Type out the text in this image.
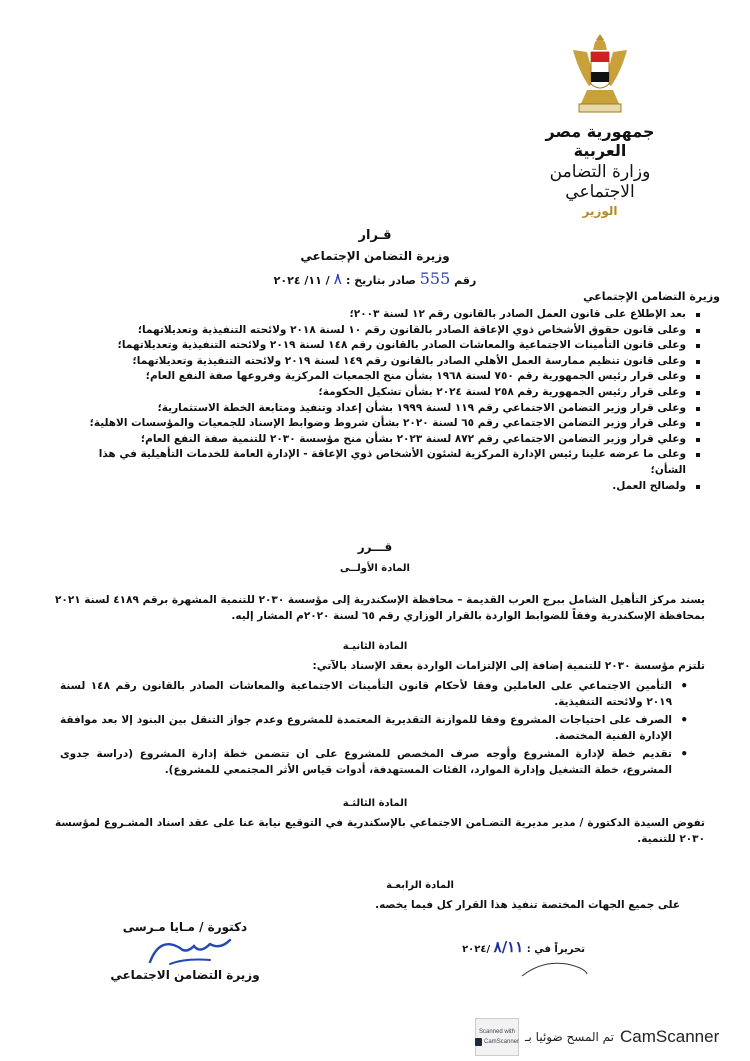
جمهورية مصر العربية
وزارة التضامن الاجتماعي
الوزير
قـرار
وزيرة التضامن الإجتماعي
رقم 555 صادر بتاريخ : ٨ / ١١/ ٢٠٢٤
وزيرة التضامن الإجتماعي
بعد الإطلاع على قانون العمل الصادر بالقانون رقم ١٢ لسنة ٢٠٠٣؛
وعلى قانون حقوق الأشخاص ذوي الإعاقة الصادر بالقانون رقم ١٠ لسنة ٢٠١٨ ولائحته التنفيذية وتعديلاتهما؛
وعلى قانون التأمينات الاجتماعية والمعاشات الصادر بالقانون رقم ١٤٨ لسنة ٢٠١٩ ولائحته التنفيذية وتعديلاتهما؛
وعلى قانون تنظيم ممارسة العمل الأهلي الصادر بالقانون رقم ١٤٩ لسنة ٢٠١٩ ولائحته التنفيذية وتعديلاتهما؛
وعلى قرار رئيس الجمهورية رقم ٧٥٠ لسنة ١٩٦٨ بشأن منح الجمعيات المركزية وفروعها صفة النفع العام؛
وعلى قرار رئيس الجمهورية رقم ٢٥٨ لسنة ٢٠٢٤ بشأن تشكيل الحكومة؛
وعلى قرار وزير التضامن الاجتماعي رقم ١١٩ لسنة ١٩٩٩ بشأن إعداد وتنفيذ ومتابعة الخطة الاستثمارية؛
وعلى قرار وزير التضامن الاجتماعي رقم ٦٥ لسنة ٢٠٢٠ بشأن شروط وضوابط الإسناد للجمعيات والمؤسسات الاهلية؛
وعلي قرار وزير التضامن الاجتماعي رقم ٨٧٢ لسنة ٢٠٢٣ بشأن منح مؤسسة ٢٠٣٠ للتنمية صفة النفع العام؛
وعلى ما عرضه علينا رئيس الإدارة المركزية لشئون الأشخاص ذوي الإعاقة - الإدارة العامة للخدمات التأهيلية في هذا الشأن؛
ولصالح العمل.
قـــرر
المادة الأولــى
يسند مركز التأهيل الشامل ببرج العرب القديمة – محافظة الإسكندرية إلى مؤسسة ٢٠٣٠ للتنمية المشهرة برقم ٤١٨٩ لسنة ٢٠٢١ بمحافظة الإسكندرية وفقاً للضوابط الواردة بالقرار الوزاري رقم ٦٥ لسنة ٢٠٢٠م المشار إليه.
المادة الثانيـة
تلتزم مؤسسة ٢٠٣٠ للتنمية إضافة إلى الإلتزامات الواردة بعقد الإسناد بالآتي:
• التأمين الاجتماعي على العاملين وفقا لأحكام قانون التأمينات الاجتماعية والمعاشات الصادر بالقانون رقم ١٤٨ لسنة ٢٠١٩ ولائحته التنفيذية.
• الصرف على احتياجات المشروع وفقا للموازنة التقديرية المعتمدة للمشروع وعدم جواز التنقل بين البنود إلا بعد موافقة الإدارة الفنية المختصة.
• تقديم خطة لإدارة المشروع وأوجه صرف المخصص للمشروع على ان تتضمن خطة إدارة المشروع (دراسة جدوى المشروع، خطة التشغيل وإدارة الموارد، الفئات المستهدفة، أدوات قياس الأثر المجتمعي للمشروع).
المادة الثالثـة
تفوض السيدة الدكتورة / مدير مديرية التضـامن الاجتماعي بالإسكندرية في التوقيع نيابة عنا على عقد اسناد المشـروع لمؤسسة ٢٠٣٠ للتنمية.
المادة الرابعـة
على جميع الجهات المختصة تنفيذ هذا القرار كل فيما يخصه.
تحريراً في : ٨/١١ /٢٠٢٤
دكتورة / مـايا مـرسى
وزيرة التضامن الاجتماعي
Scanned with
CamScanner تم المسح ضوئيا بـ CamScanner
